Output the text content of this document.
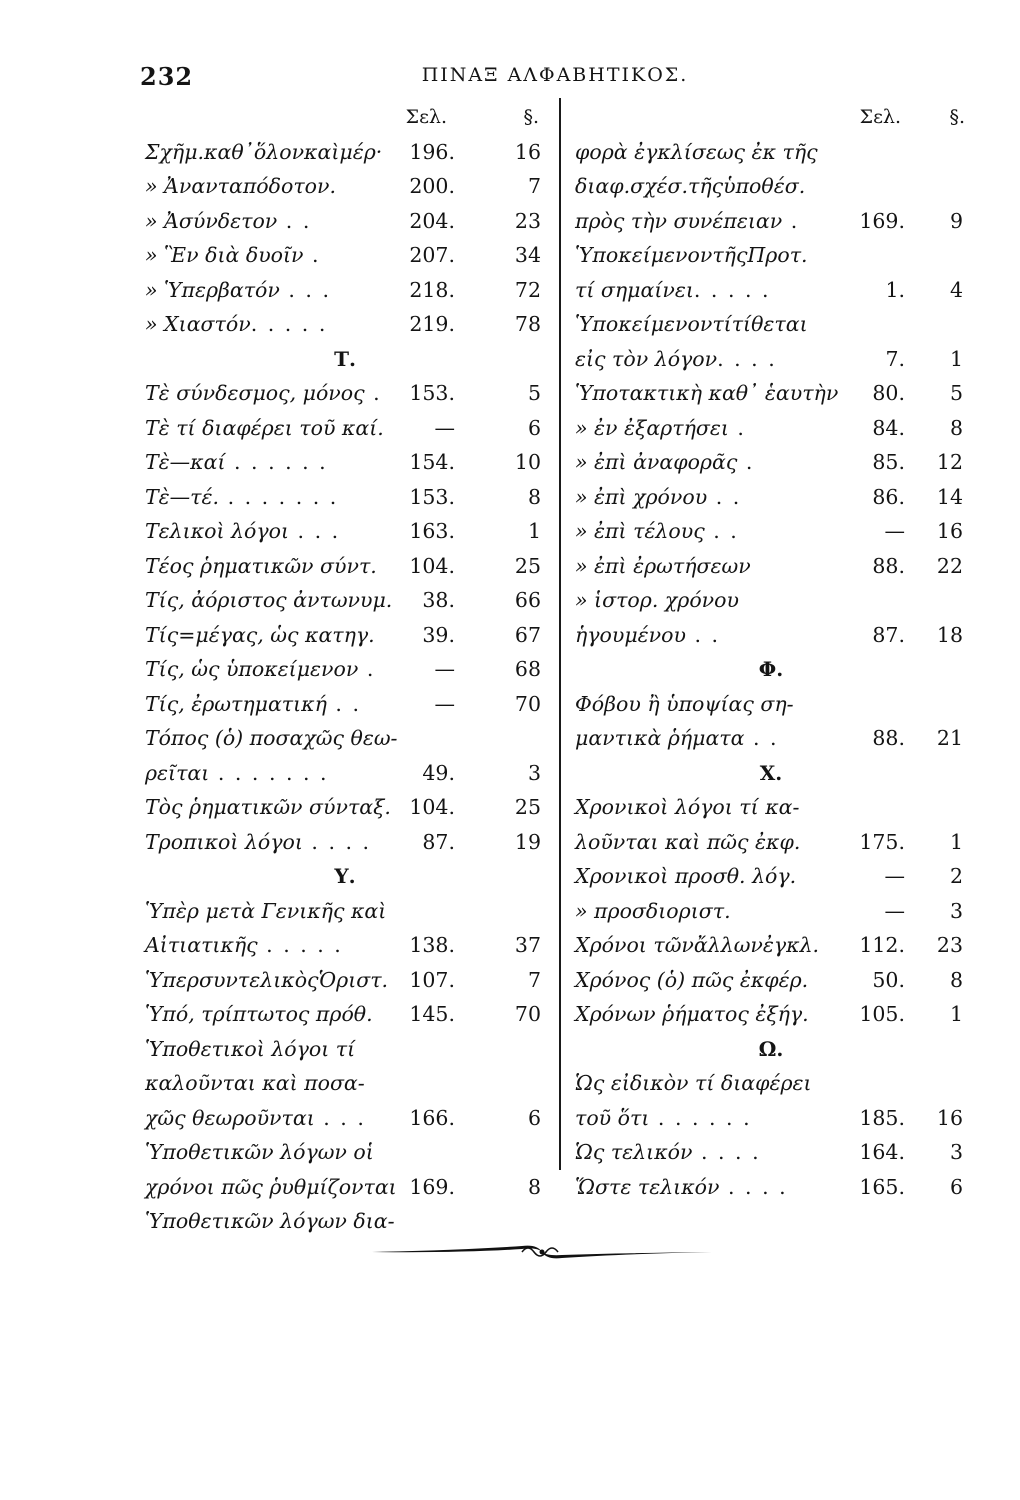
232	ΠΙΝΑΞ ΑΛΦΑΒΗΤΙΚΟΣ.
Σελ.	§.
Σχῆμ.καθ᾽ὅλονκαὶμέρ· 196.	16
» Ἀνανταπόδοτον.	200.	7
» Ἀσύνδετον . .	204.	23
» Ἓν διὰ δυοῖν .	207.	34
» Ὑπερβατόν . . .	218.	72
» Χιαστόν. . . . .	219.	78
Τ.
Τὲ σύνδεσμος, μόνος . 153.	5
Τὲ τί διαφέρει τοῦ καί. —	6
Τὲ—καί . . . . . .	154.	10
Τὲ—τέ. . . . . . . .	153.	8
Τελικοὶ λόγοι . . .	163.	1
Τέος ῥηματικῶν σύντ. 104.	25
Τίς, ἀόριστος ἀντωνυμ. 38.	66
Τίς=μέγας, ὡς κατηγ. 39.	67
Τίς, ὡς ὑποκείμενον .	—	68
Τίς, ἐρωτηματική . .	—	70
Τόπος (ὁ) ποσαχῶς θεω-
ρεῖται . . . . . . .	49.	3
Τὸς ῥηματικῶν σύνταξ. 104.	25
Τροπικοὶ λόγοι . . . .	87.	19
Υ.
Ὑπὲρ μετὰ Γενικῆς καὶ
Αἰτιατικῆς . . . . .	138.	37
ὙπερσυντελικὸςὉριστ. 107.	7
Ὑπό, τρίπτωτος πρόθ. 145.	70
Ὑποθετικοὶ λόγοι τί
καλοῦνται καὶ ποσα-
χῶς θεωροῦνται . . . 166.	6
Ὑποθετικῶν λόγων οἱ
χρόνοι πῶς ῥυθμίζονται 169.	8
Ὑποθετικῶν λόγων δια-
Σελ.	§.
φορὰ ἐγκλίσεως ἐκ τῆς
διαφ.σχέσ.τῆςὑποθέσ.
πρὸς τὴν συνέπειαν .	169.	9
ὙποκείμενοντῆςΠροτ.
τί σημαίνει. . . . .	1.	4
Ὑποκείμενοντίτίθεται
εἰς τὸν λόγον. . . .	7.	1
Ὑποτακτικὴ καθ᾽ ἑαυτὴν 80.	5
» ἐν ἐξαρτήσει .	84.	8
» ἐπὶ ἀναφορᾶς .	85.	12
» ἐπὶ χρόνου . .	86.	14
» ἐπὶ τέλους . .	—	16
» ἐπὶ ἐρωτήσεων	88.	22
» ἱστορ. χρόνου
ἡγουμένου . .	87.	18
Φ.
Φόβου ἢ ὑποψίας ση-
μαντικὰ ῥήματα . .	88.	21
Χ.
Χρονικοὶ λόγοι τί κα-
λοῦνται καὶ πῶς ἐκφ.	175.	1
Χρονικοὶ προσθ. λόγ.	—	2
» προσδιοριστ.	—	3
Χρόνοι τῶνἄλλωνἐγκλ. 112.	23
Χρόνος (ὁ) πῶς ἐκφέρ.	50.	8
Χρόνων ῥήματος ἐξήγ. 105.	1
Ω.
Ὡς εἰδικὸν τί διαφέρει
τοῦ ὅτι . . . . . .	185.	16
Ὡς τελικόν . . . .	164.	3
Ὥστε τελικόν . . . .	165.	6
